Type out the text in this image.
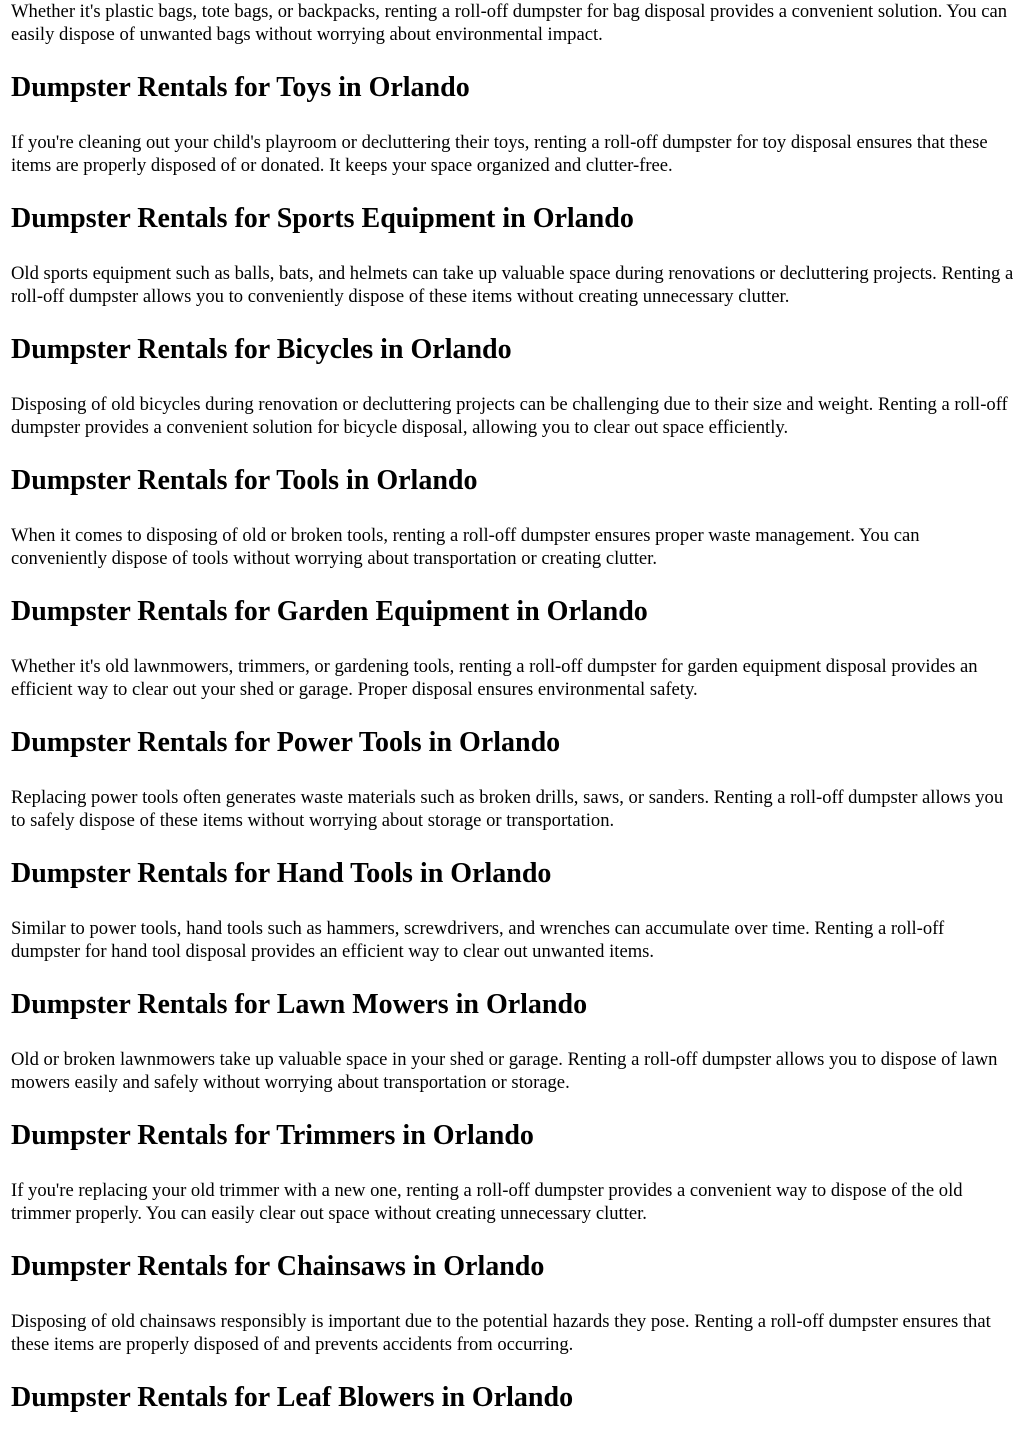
Whether it's plastic bags, tote bags, or backpacks, renting a roll-off dumpster for bag disposal provides a convenient solution. You can easily dispose of unwanted bags without worrying about environmental impact.

Dumpster Rentals for Toys in Orlando

If you're cleaning out your child's playroom or decluttering their toys, renting a roll-off dumpster for toy disposal ensures that these items are properly disposed of or donated. It keeps your space organized and clutter-free.

Dumpster Rentals for Sports Equipment in Orlando

Old sports equipment such as balls, bats, and helmets can take up valuable space during renovations or decluttering projects. Renting a roll-off dumpster allows you to conveniently dispose of these items without creating unnecessary clutter.

Dumpster Rentals for Bicycles in Orlando

Disposing of old bicycles during renovation or decluttering projects can be challenging due to their size and weight. Renting a roll-off dumpster provides a convenient solution for bicycle disposal, allowing you to clear out space efficiently.

Dumpster Rentals for Tools in Orlando

When it comes to disposing of old or broken tools, renting a roll-off dumpster ensures proper waste management. You can conveniently dispose of tools without worrying about transportation or creating clutter.

Dumpster Rentals for Garden Equipment in Orlando

Whether it's old lawnmowers, trimmers, or gardening tools, renting a roll-off dumpster for garden equipment disposal provides an efficient way to clear out your shed or garage. Proper disposal ensures environmental safety.

Dumpster Rentals for Power Tools in Orlando

Replacing power tools often generates waste materials such as broken drills, saws, or sanders. Renting a roll-off dumpster allows you to safely dispose of these items without worrying about storage or transportation.

Dumpster Rentals for Hand Tools in Orlando

Similar to power tools, hand tools such as hammers, screwdrivers, and wrenches can accumulate over time. Renting a roll-off dumpster for hand tool disposal provides an efficient way to clear out unwanted items.

Dumpster Rentals for Lawn Mowers in Orlando

Old or broken lawnmowers take up valuable space in your shed or garage. Renting a roll-off dumpster allows you to dispose of lawn mowers easily and safely without worrying about transportation or storage.

Dumpster Rentals for Trimmers in Orlando

If you're replacing your old trimmer with a new one, renting a roll-off dumpster provides a convenient way to dispose of the old trimmer properly. You can easily clear out space without creating unnecessary clutter.

Dumpster Rentals for Chainsaws in Orlando

Disposing of old chainsaws responsibly is important due to the potential hazards they pose. Renting a roll-off dumpster ensures that these items are properly disposed of and prevents accidents from occurring.

Dumpster Rentals for Leaf Blowers in Orlando
